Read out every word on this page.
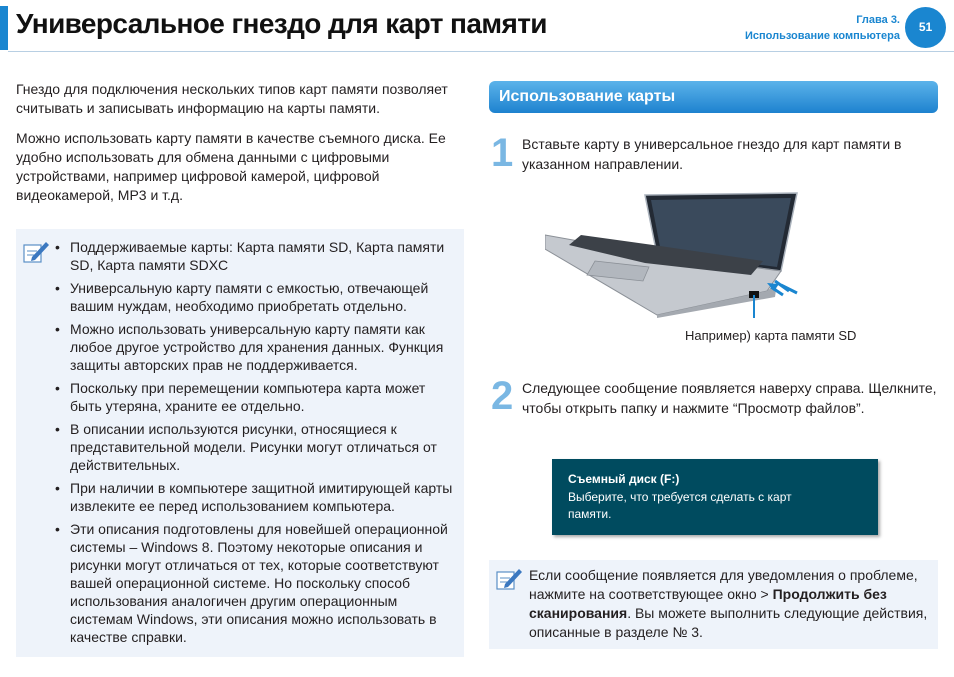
Универсальное гнездо для карт памяти	Глава 3.
Использование компьютера
51

Гнездо для подключения нескольких типов карт памяти позволяет считывать и записывать информацию на карты памяти.

Можно использовать карту памяти в качестве съемного диска. Ее удобно использовать для обмена данными с цифровыми устройствами, например цифровой камерой, цифровой видеокамерой, MP3 и т.д.

• Поддерживаемые карты: Карта памяти SD, Карта памяти SD, Карта памяти SDXC
• Универсальную карту памяти с емкостью, отвечающей вашим нуждам, необходимо приобретать отдельно.
• Можно использовать универсальную карту памяти как любое другое устройство для хранения данных. Функция защиты авторских прав не поддерживается.
• Поскольку при перемещении компьютера карта может быть утеряна, храните ее отдельно.
• В описании используются рисунки, относящиеся к представительной модели. Рисунки могут отличаться от действительных.
• При наличии в компьютере защитной имитирующей карты извлеките ее перед использованием компьютера.
• Эти описания подготовлены для новейшей операционной системы – Windows 8. Поэтому некоторые описания и рисунки могут отличаться от тех, которые соответствуют вашей операционной системе. Но поскольку способ использования аналогичен другим операционным системам Windows, эти описания можно использовать в качестве справки.
Использование карты
1 Вставьте карту в универсальное гнездо для карт памяти в указанном направлении.
Например) карта памяти SD
2 Следующее сообщение появляется наверху справа. Щелкните, чтобы открыть папку и нажмите “Просмотр файлов”.
Съемный диск (F:)
Выберите, что требуется сделать с карт памяти.

Если сообщение появляется для уведомления о проблеме, нажмите на соответствующее окно > Продолжить без сканирования. Вы можете выполнить следующие действия, описанные в разделе № 3.
